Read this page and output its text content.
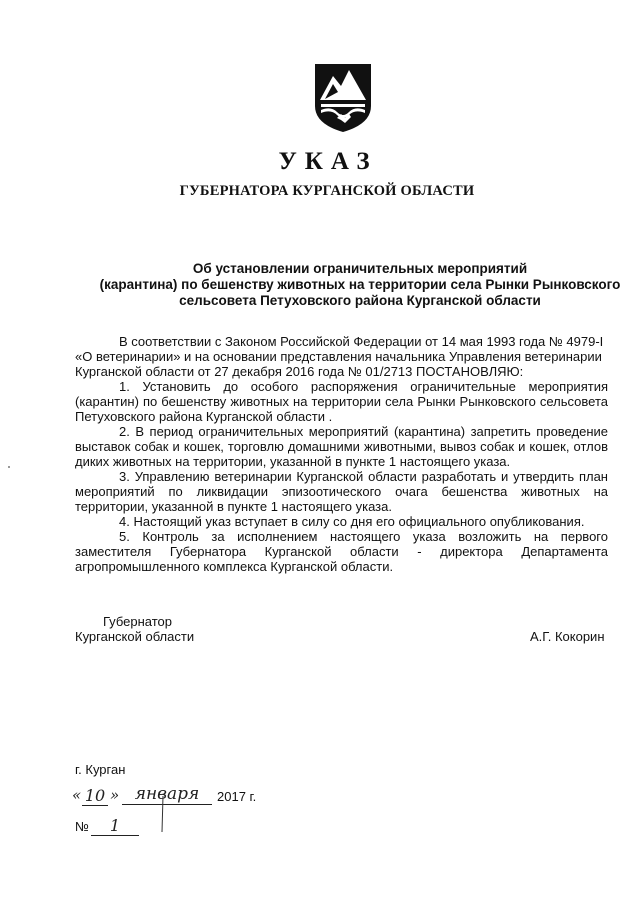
УКАЗ
ГУБЕРНАТОРА КУРГАНСКОЙ ОБЛАСТИ
Об установлении ограничительных мероприятий
(карантина) по бешенству животных на территории села Рынки Рынковского
сельсовета Петуховского района Курганской области
В соответствии с Законом Российской Федерации от 14 мая 1993 года № 4979-I
«О ветеринарии» и на основании представления начальника Управления ветеринарии
Курганской области от 27 декабря 2016 года № 01/2713 ПОСТАНОВЛЯЮ:
1. Установить до особого распоряжения ограничительные мероприятия
(карантин) по бешенству животных на территории села Рынки Рынковского сельсовета
Петуховского района Курганской области .
2. В период ограничительных мероприятий (карантина) запретить проведение
выставок собак и кошек, торговлю домашними животными, вывоз собак и кошек, отлов
диких животных на территории, указанной в пункте 1 настоящего указа.
3. Управлению ветеринарии Курганской области разработать и утвердить план
мероприятий по ликвидации эпизоотического очага бешенства животных на
территории, указанной в пункте 1 настоящего указа.
4. Настоящий указ вступает в силу со дня его официального опубликования.
5. Контроль за исполнением настоящего указа возложить на первого
заместителя Губернатора Курганской области - директора Департамента
агропромышленного комплекса Курганской области.
Губернатор
Курганской области	А.Г. Кокорин
г. Курган
« 10 » января	2017 г.
№	1
